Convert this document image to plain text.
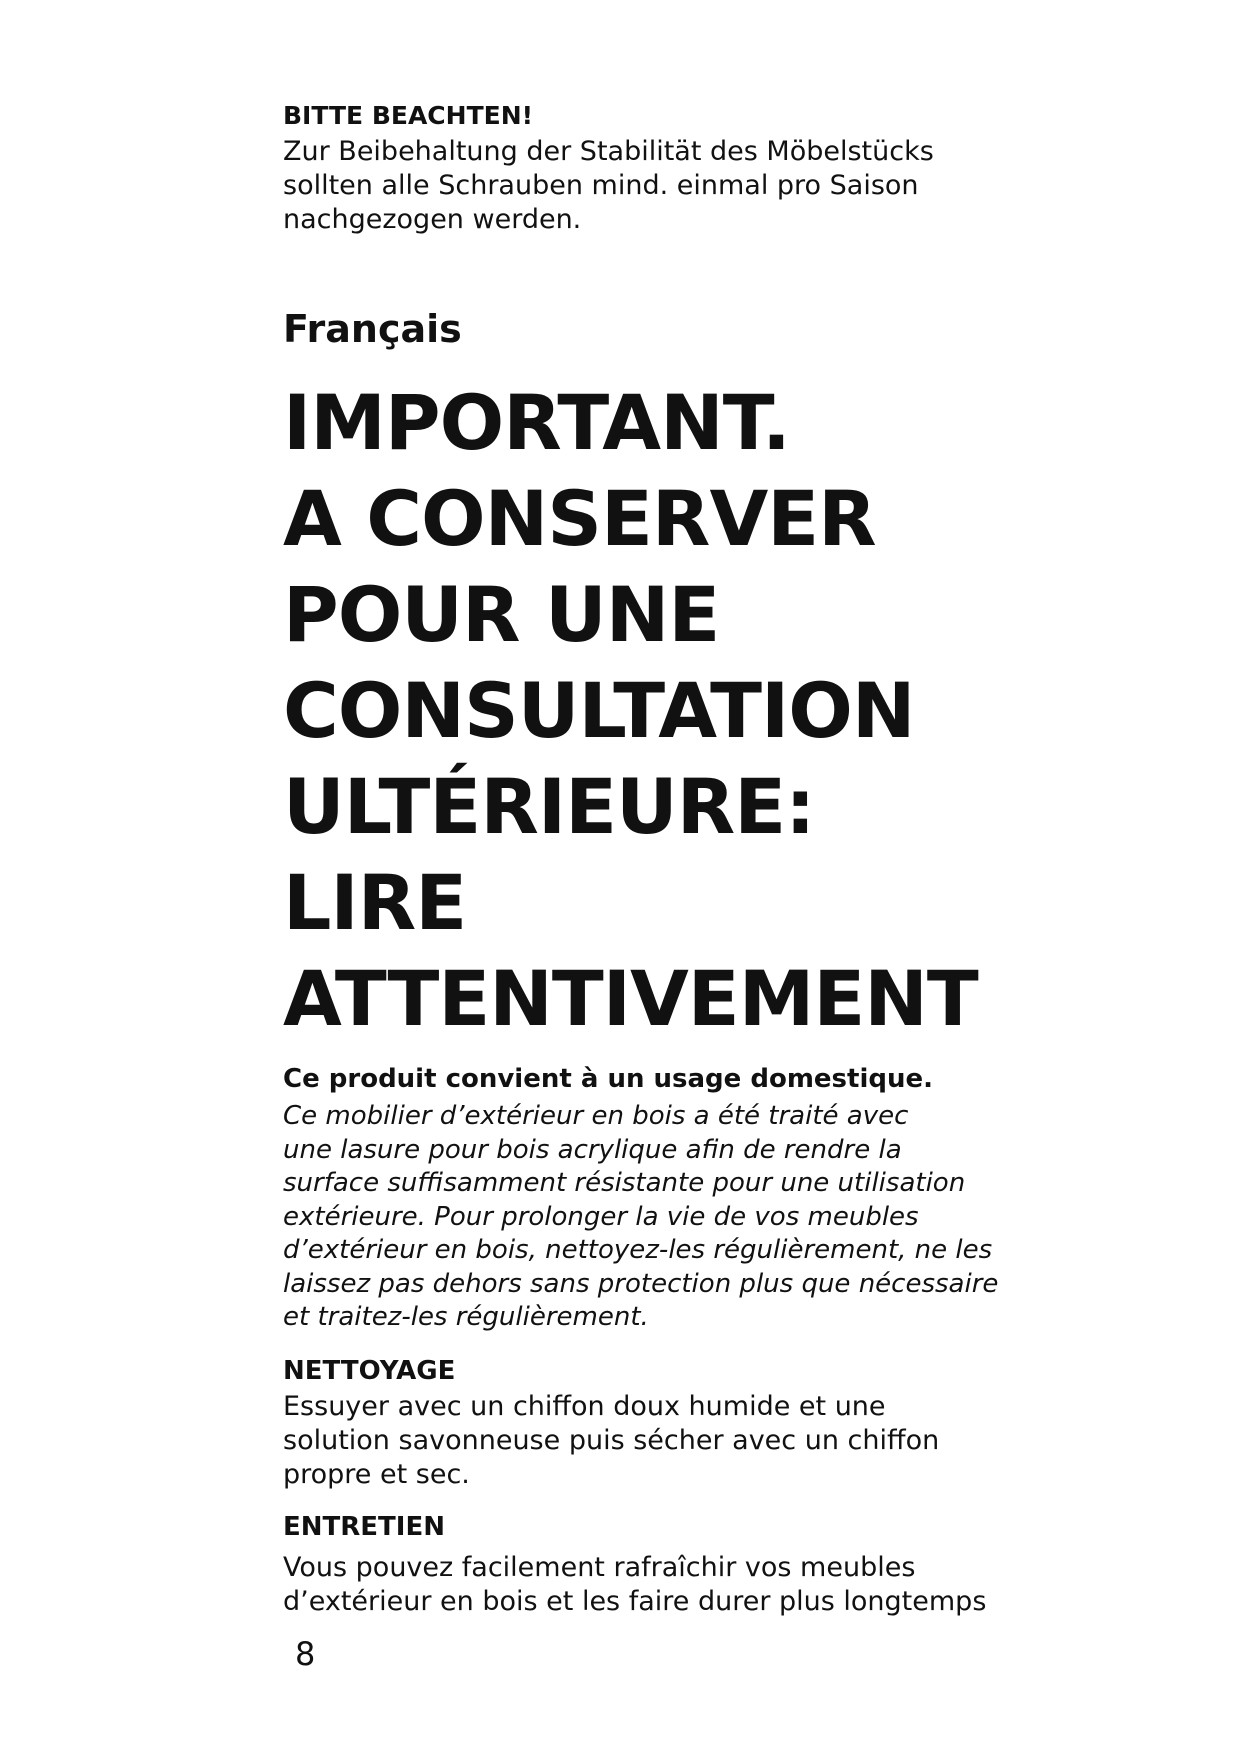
BITTE BEACHTEN!

Zur Beibehaltung der Stabilität des Möbelstücks
sollten alle Schrauben mind. einmal pro Saison
nachgezogen werden.

Français
IMPORTANT.
A CONSERVER
POUR UNE
CONSULTATION
ULTÉRIEURE:
LIRE
ATTENTIVEMENT

Ce produit convient à un usage domestique.

Ce mobilier d’extérieur en bois a été traité avec
une lasure pour bois acrylique afin de rendre la
surface suffisamment résistante pour une utilisation
extérieure. Pour prolonger la vie de vos meubles
d’extérieur en bois, nettoyez-les régulièrement, ne les
laissez pas dehors sans protection plus que nécessaire
et traitez-les régulièrement.

NETTOYAGE

Essuyer avec un chiffon doux humide et une
solution savonneuse puis sécher avec un chiffon
propre et sec.

ENTRETIEN

Vous pouvez facilement rafraîchir vos meubles
d’extérieur en bois et les faire durer plus longtemps

8
